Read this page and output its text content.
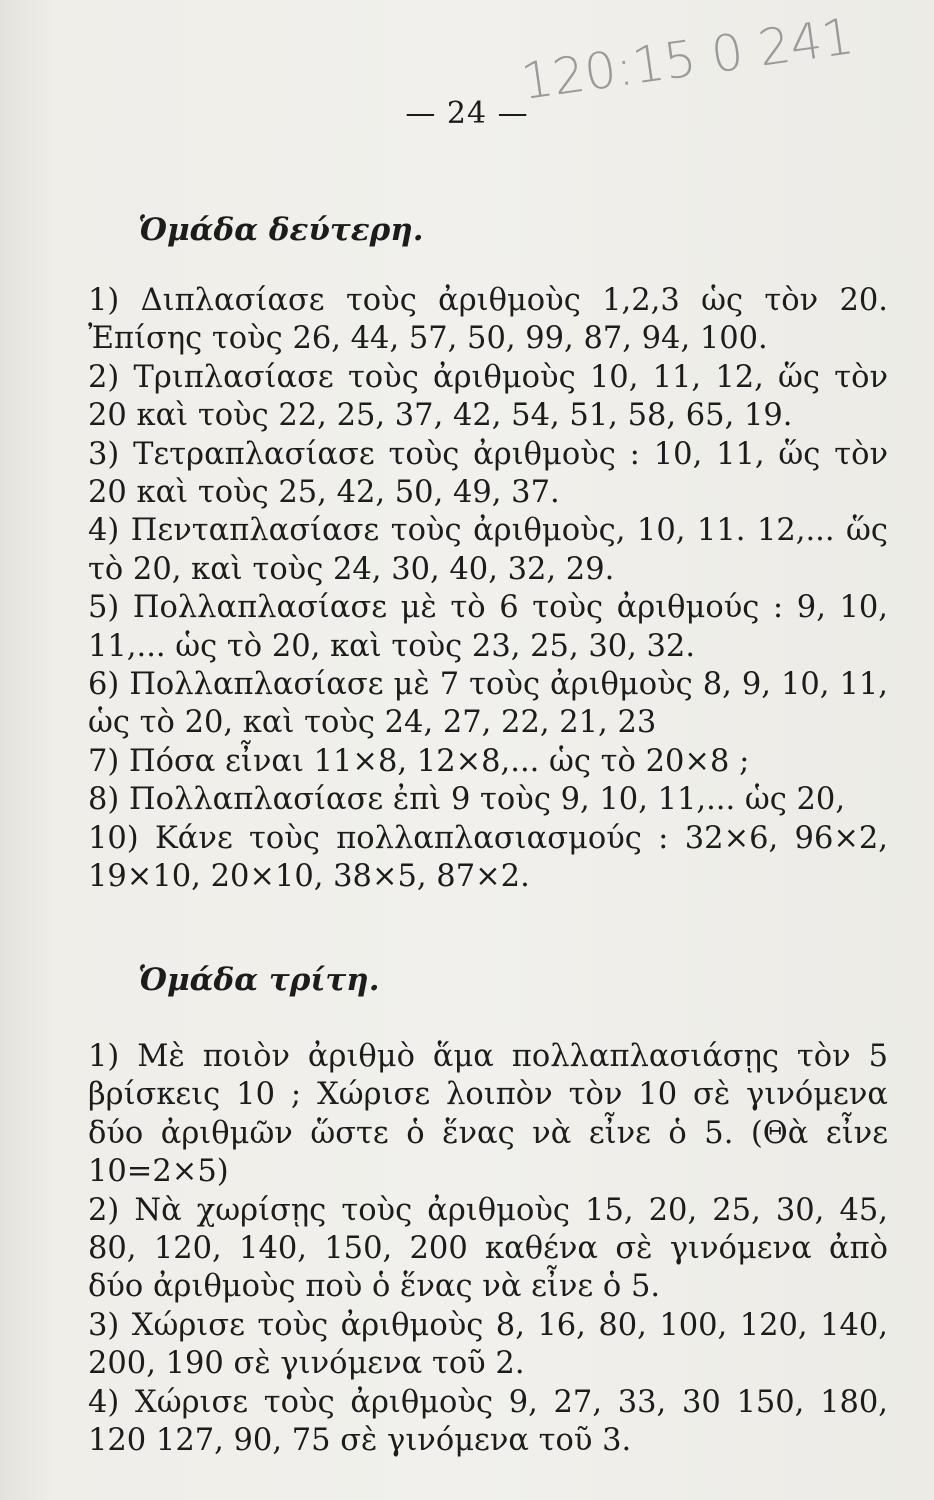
120:15 0 241
— 24 —
Ὁμάδα δεύτερη.
1) Διπλασίασε τοὺς ἀριθμοὺς 1,2,3 ὡς τὸν 20. Ἐπίσης τοὺς 26, 44, 57, 50, 99, 87, 94, 100.
2) Τριπλασίασε τοὺς ἀριθμοὺς 10, 11, 12, ὥς τὸν 20 καὶ τοὺς 22, 25, 37, 42, 54, 51, 58, 65, 19.
3) Τετραπλασίασε τοὺς ἀριθμοὺς : 10, 11, ὥς τὸν 20 καὶ τοὺς 25, 42, 50, 49, 37.
4) Πενταπλασίασε τοὺς ἀριθμοὺς, 10, 11. 12,... ὥς τὸ 20, καὶ τοὺς 24, 30, 40, 32, 29.
5) Πολλαπλασίασε μὲ τὸ 6 τοὺς ἀριθμούς : 9, 10, 11,... ὡς τὸ 20, καὶ τοὺς 23, 25, 30, 32.
6) Πολλαπλασίασε μὲ 7 τοὺς ἀριθμοὺς 8, 9, 10, 11, ὡς τὸ 20, καὶ τοὺς 24, 27, 22, 21, 23
7) Πόσα εἶναι 11×8, 12×8,... ὡς τὸ 20×8 ;
8) Πολλαπλασίασε ἐπὶ 9 τοὺς 9, 10, 11,... ὡς 20,
10) Κάνε τοὺς πολλαπλασιασμούς : 32×6, 96×2, 19×10, 20×10, 38×5, 87×2.
Ὁμάδα τρίτη.
1) Μὲ ποιὸν ἀριθμὸ ἅμα πολλαπλασιάσῃς τὸν 5 βρίσκεις 10 ; Χώρισε λοιπὸν τὸν 10 σὲ γινόμενα δύο ἀριθμῶν ὥστε ὁ ἕνας νὰ εἶνε ὁ 5. (Θὰ εἶνε 10=2×5)
2) Νὰ χωρίσῃς τοὺς ἀριθμοὺς 15, 20, 25, 30, 45, 80, 120, 140, 150, 200 καθένα σὲ γινόμενα ἀπὸ δύο ἀριθμοὺς ποὺ ὁ ἕνας νὰ εἶνε ὁ 5.
3) Χώρισε τοὺς ἀριθμοὺς 8, 16, 80, 100, 120, 140, 200, 190 σὲ γινόμενα τοῦ 2.
4) Χώρισε τοὺς ἀριθμοὺς 9, 27, 33, 30 150, 180, 120 127, 90, 75 σὲ γινόμενα τοῦ 3.
